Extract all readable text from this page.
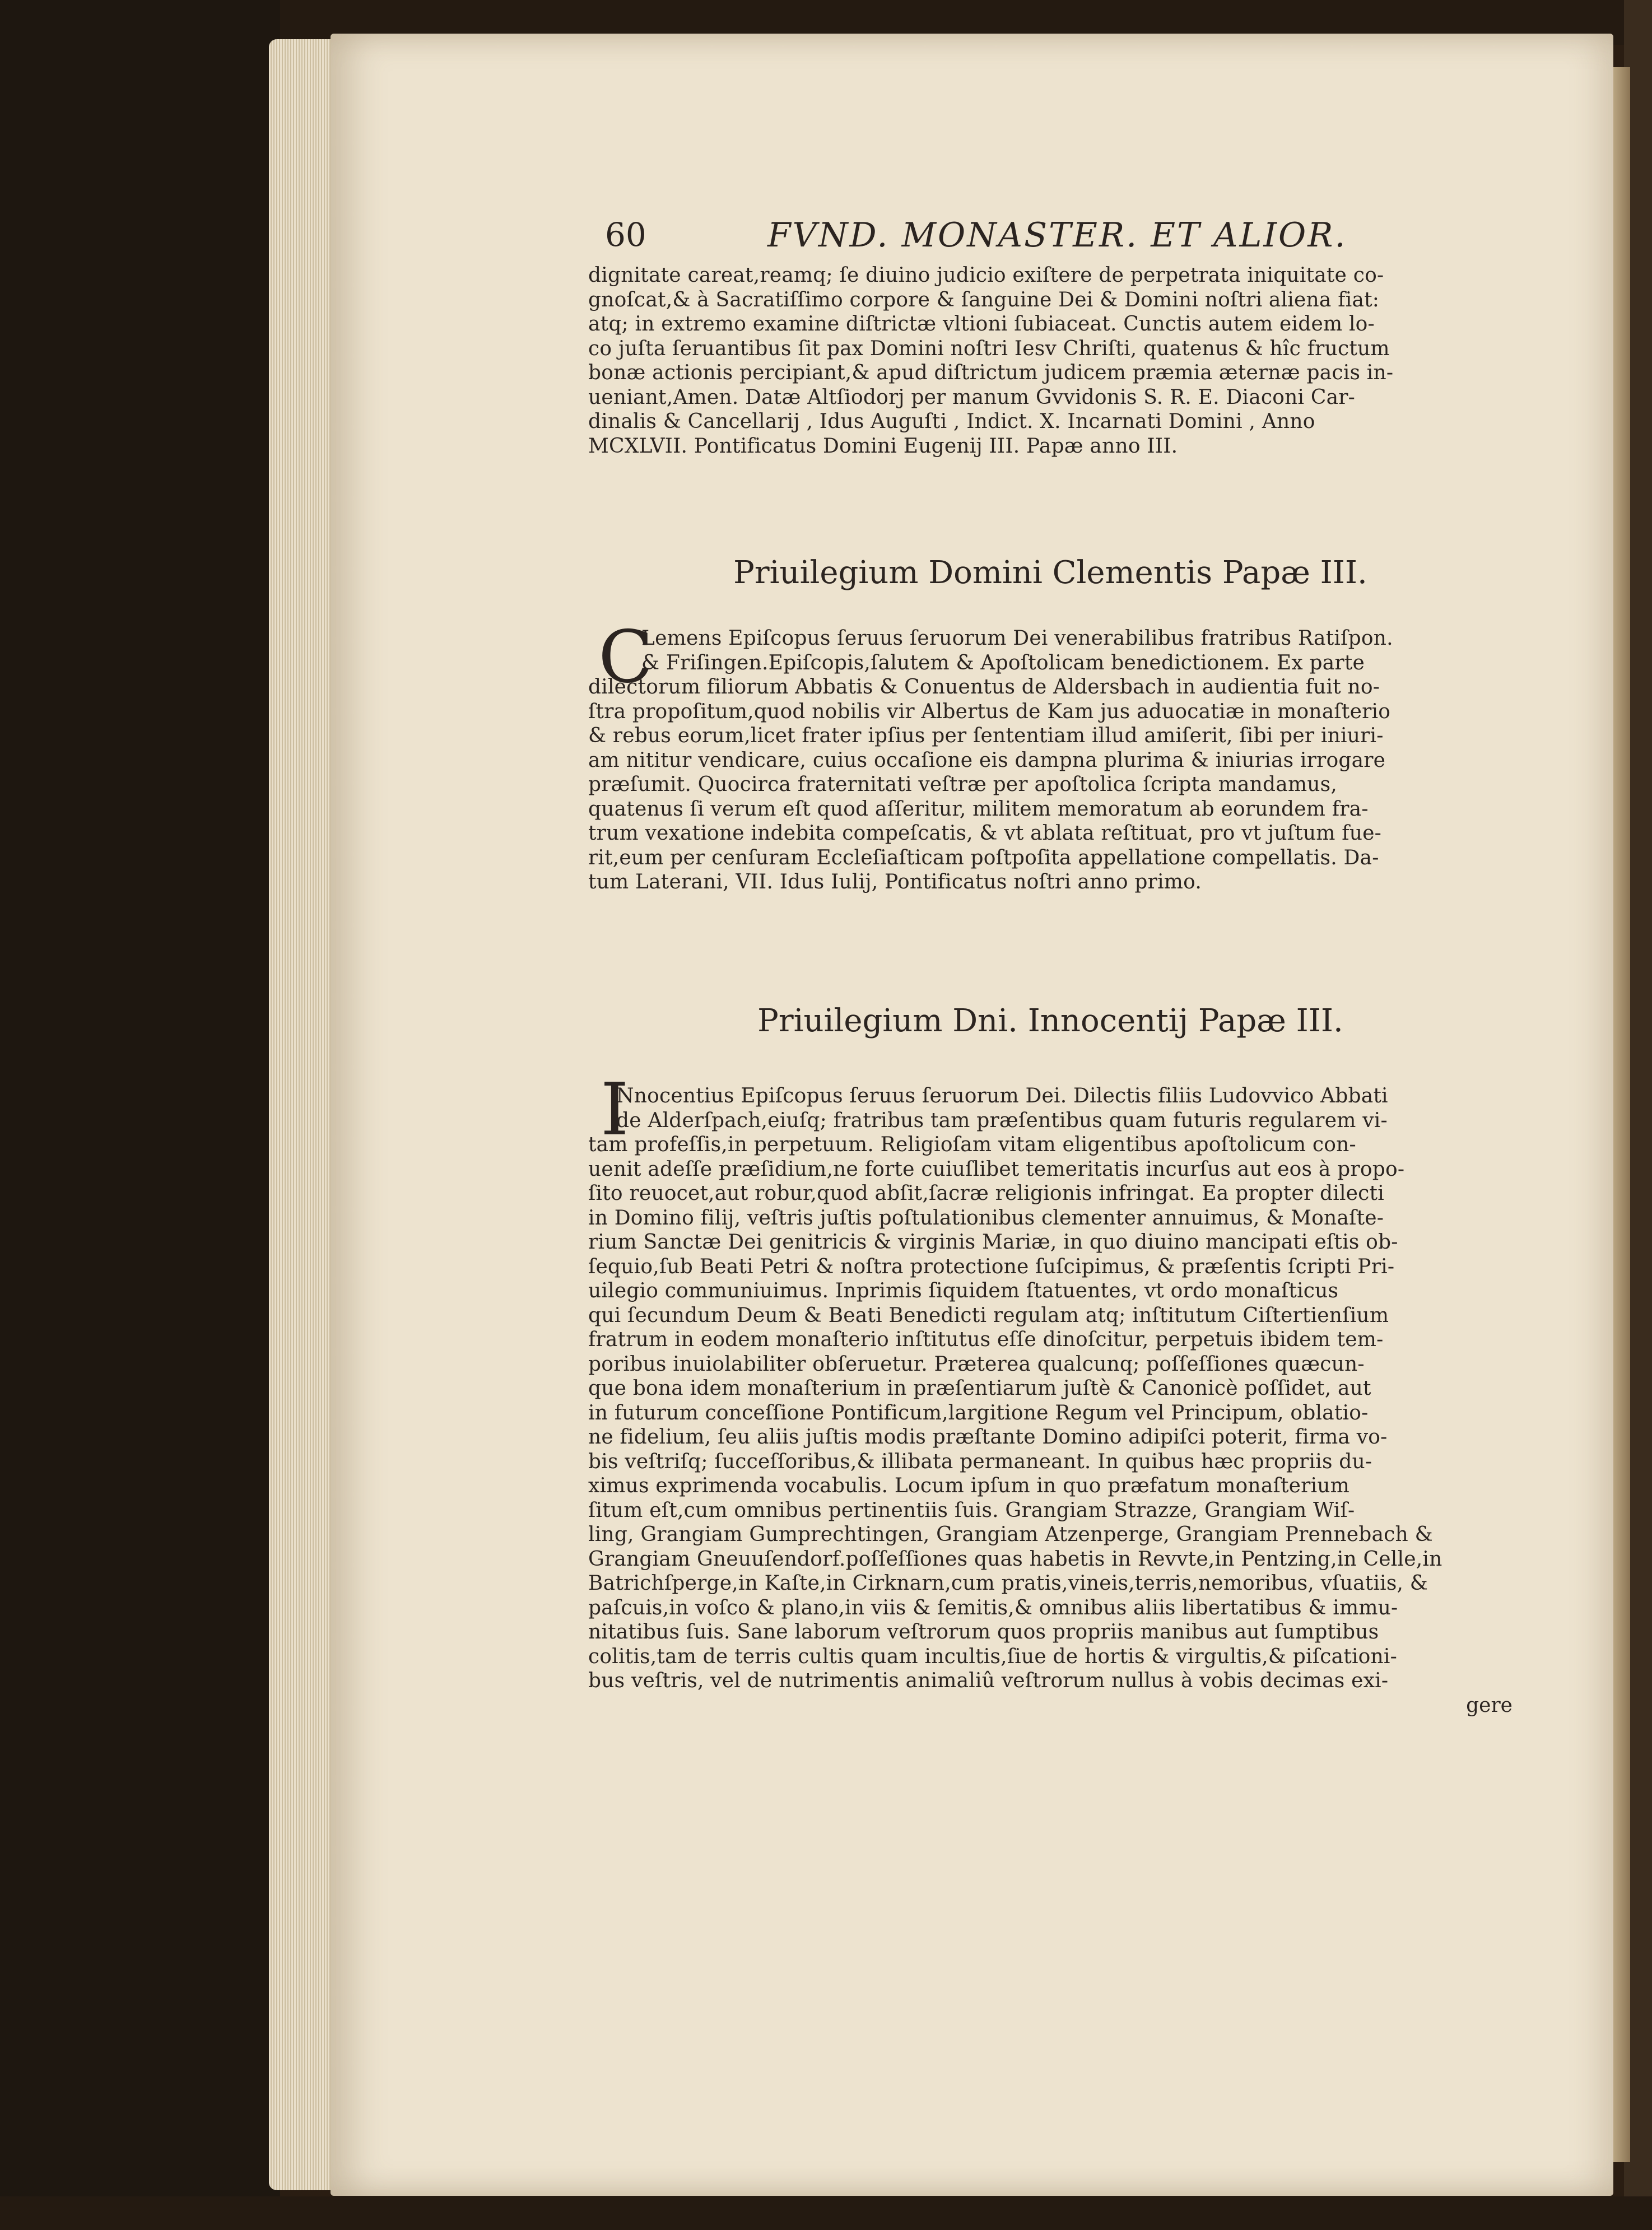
60	FVND. MONASTER. ET ALIOR.
dignitate careat,reamq; ſe diuino judicio exiſtere de perpetrata iniquitate co-
gnoſcat,& à Sacratiſſimo corpore & ſanguine Dei & Domini noſtri aliena fiat:
atq; in extremo examine diſtrictæ vltioni ſubiaceat. Cunctis autem eidem lo-
co juſta ſeruantibus ſit pax Domini noſtri Iesv Chriſti, quatenus & hîc fructum
bonæ actionis percipiant,& apud diſtrictum judicem præmia æternæ pacis in-
ueniant,Amen. Datæ Altſiodorj per manum Gvvidonis S. R. E. Diaconi Car-
dinalis & Cancellarij , Idus Auguſti , Indict. X. Incarnati Domini , Anno
MCXLVII. Pontificatus Domini Eugenij III. Papæ anno III.
Priuilegium Domini Clementis Papæ III.
C
Lemens Epiſcopus ſeruus ſeruorum Dei venerabilibus fratribus Ratiſpon.
& Friſingen.Epiſcopis,ſalutem & Apoſtolicam benedictionem. Ex parte
dilectorum filiorum Abbatis & Conuentus de Aldersbach in audientia fuit no-
ſtra propoſitum,quod nobilis vir Albertus de Kam jus aduocatiæ in monaſterio
& rebus eorum,licet frater ipſius per ſententiam illud amiſerit, ſibi per iniuri-
am nititur vendicare, cuius occaſione eis dampna plurima & iniurias irrogare
præſumit. Quocirca fraternitati veſtræ per apoſtolica ſcripta mandamus,
quatenus ſi verum eſt quod aſſeritur, militem memoratum ab eorundem fra-
trum vexatione indebita compeſcatis, & vt ablata reſtituat, pro vt juſtum fue-
rit,eum per cenſuram Eccleſiaſticam poſtpoſita appellatione compellatis. Da-
tum Laterani, VII. Idus Iulij, Pontificatus noſtri anno primo.
Priuilegium Dni. Innocentij Papæ III.
I
Nnocentius Epiſcopus ſeruus ſeruorum Dei. Dilectis filiis Ludovvico Abbati
de Alderſpach,eiuſq; fratribus tam præſentibus quam futuris regularem vi-
tam profeſſis,in perpetuum. Religioſam vitam eligentibus apoſtolicum con-
uenit adeſſe præſidium,ne forte cuiuſlibet temeritatis incurſus aut eos à propo-
ſito reuocet,aut robur,quod abſit,ſacræ religionis infringat. Ea propter dilecti
in Domino filij, veſtris juſtis poſtulationibus clementer annuimus, & Monaſte-
rium Sanctæ Dei genitricis & virginis Mariæ, in quo diuino mancipati eſtis ob-
ſequio,ſub Beati Petri & noſtra protectione ſuſcipimus, & præſentis ſcripti Pri-
uilegio communiuimus. Inprimis ſiquidem ſtatuentes, vt ordo monaſticus
qui ſecundum Deum & Beati Benedicti regulam atq; inſtitutum Ciſtertienſium
fratrum in eodem monaſterio inſtitutus eſſe dinoſcitur, perpetuis ibidem tem-
poribus inuiolabiliter obſeruetur. Præterea qualcunq; poſſeſſiones quæcun-
que bona idem monaſterium in præſentiarum juſtè & Canonicè poſſidet, aut
in futurum conceſſione Pontificum,largitione Regum vel Principum, oblatio-
ne fidelium, ſeu aliis juſtis modis præſtante Domino adipiſci poterit, firma vo-
bis veſtriſq; ſucceſſoribus,& illibata permaneant. In quibus hæc propriis du-
ximus exprimenda vocabulis. Locum ipſum in quo præfatum monaſterium
ſitum eſt,cum omnibus pertinentiis ſuis. Grangiam Strazze, Grangiam Wiſ-
ling, Grangiam Gumprechtingen, Grangiam Atzenperge, Grangiam Prennebach &
Grangiam Gneuuſendorf.poſſeſſiones quas habetis in Revvte,in Pentzing,in Celle,in
Batrichſperge,in Kaſte,in Cirknarn,cum pratis,vineis,terris,nemoribus, vſuatiis, &
paſcuis,in voſco & plano,in viis & ſemitis,& omnibus aliis libertatibus & immu-
nitatibus ſuis. Sane laborum veſtrorum quos propriis manibus aut ſumptibus
colitis,tam de terris cultis quam incultis,ſiue de hortis & virgultis,& piſcationi-
bus veſtris, vel de nutrimentis animaliû veſtrorum nullus à vobis decimas exi-
gere
